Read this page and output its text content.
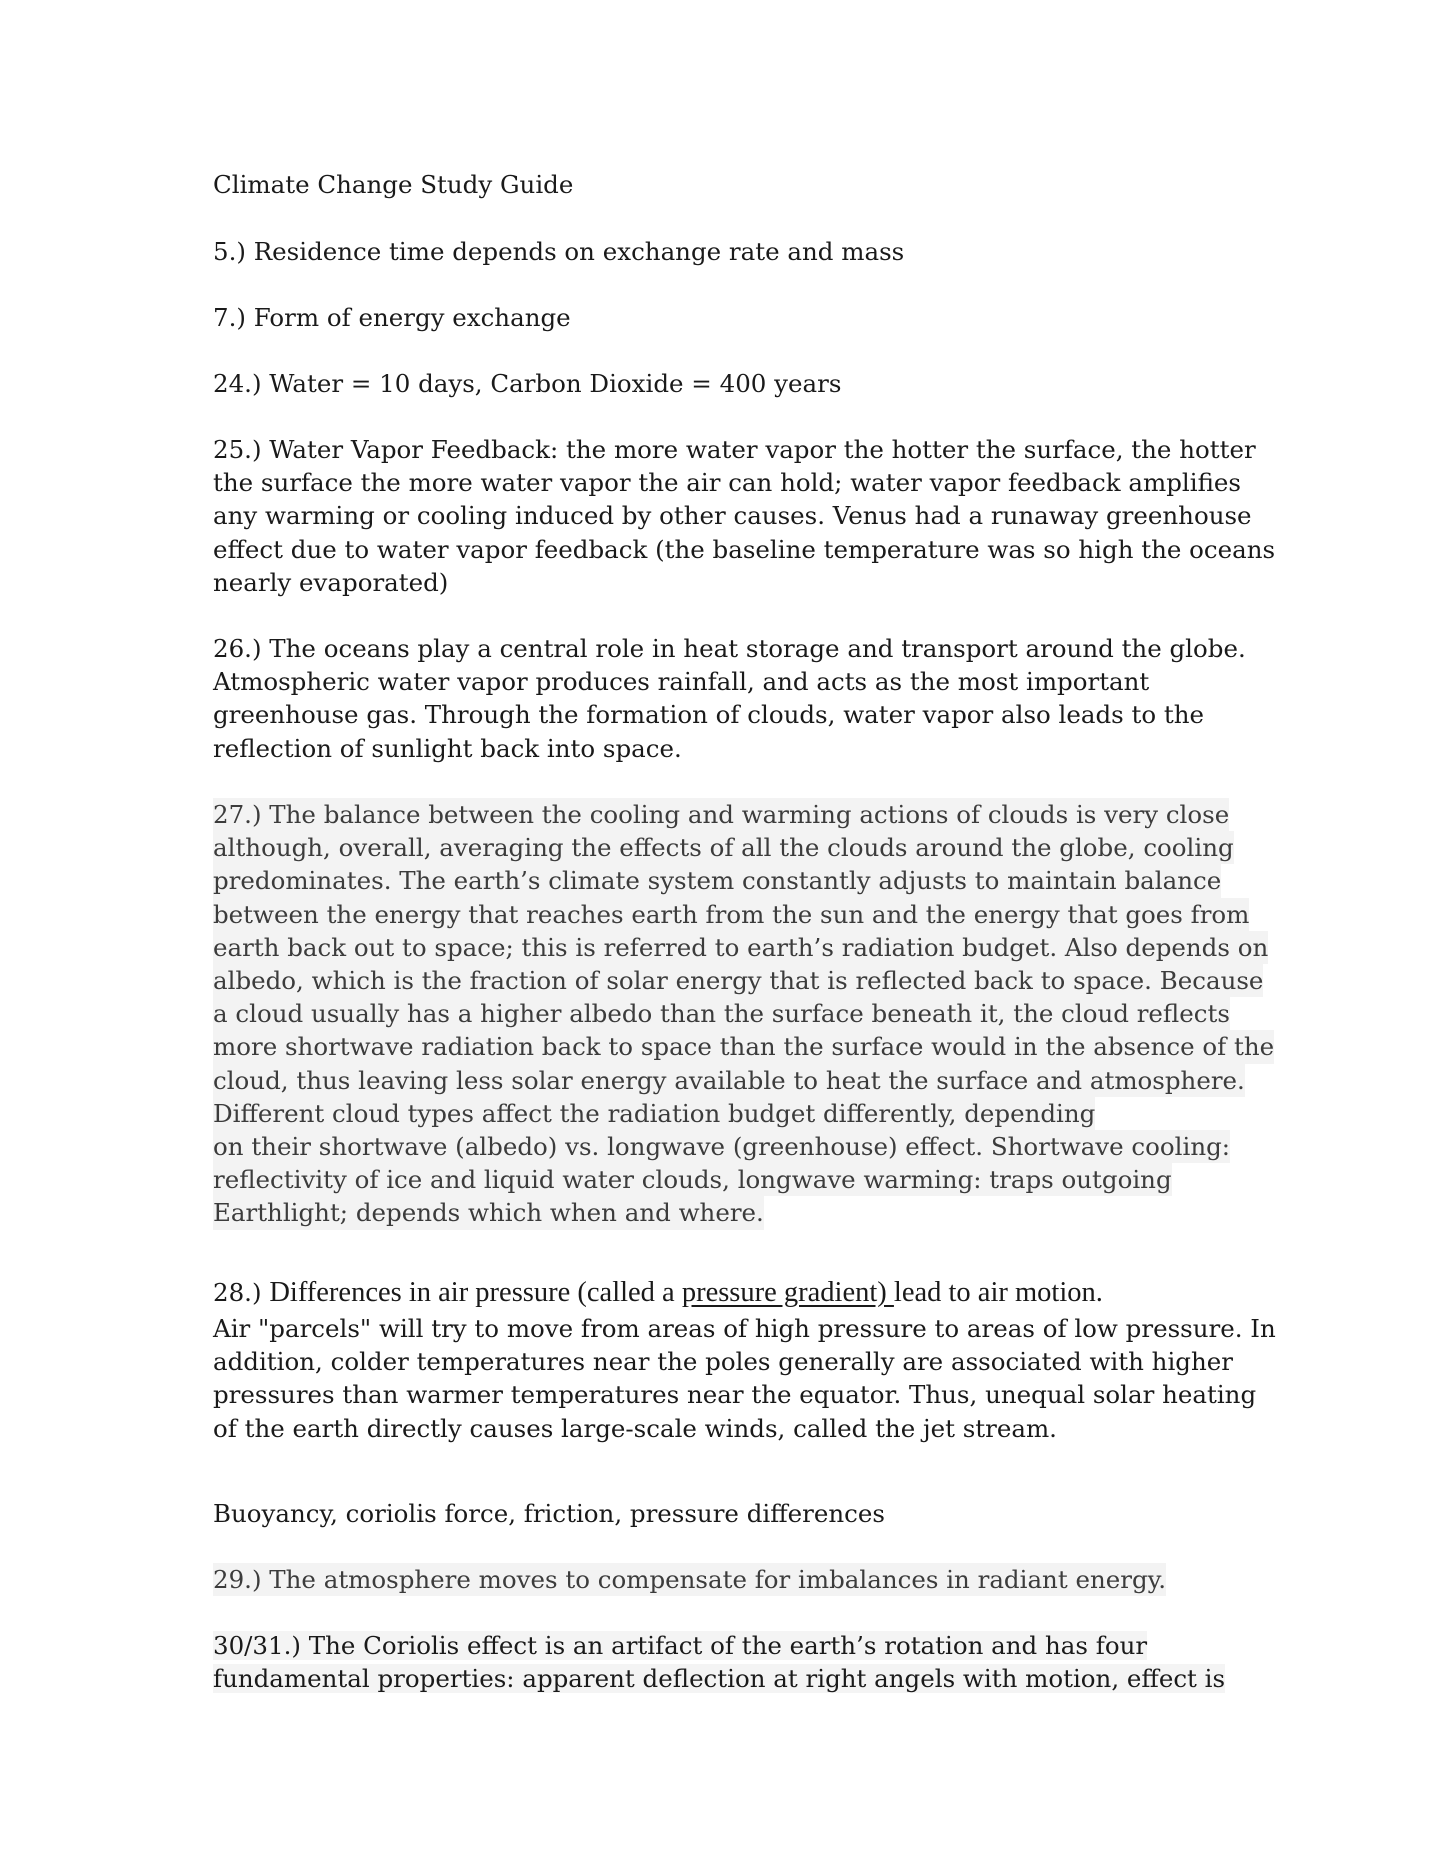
Climate Change Study Guide

5.) Residence time depends on exchange rate and mass

7.) Form of energy exchange

24.) Water = 10 days, Carbon Dioxide = 400 years

25.) Water Vapor Feedback: the more water vapor the hotter the surface, the hotter
the surface the more water vapor the air can hold; water vapor feedback amplifies
any warming or cooling induced by other causes. Venus had a runaway greenhouse
effect due to water vapor feedback (the baseline temperature was so high the oceans
nearly evaporated)
26.) The oceans play a central role in heat storage and transport around the globe.
Atmospheric water vapor produces rainfall, and acts as the most important
greenhouse gas. Through the formation of clouds, water vapor also leads to the
reflection of sunlight back into space.
27.) The balance between the cooling and warming actions of clouds is very close
although, overall, averaging the effects of all the clouds around the globe, cooling
predominates. The earth’s climate system constantly adjusts to maintain balance
between the energy that reaches earth from the sun and the energy that goes from
earth back out to space; this is referred to earth’s radiation budget. Also depends on
albedo, which is the fraction of solar energy that is reflected back to space. Because
a cloud usually has a higher albedo than the surface beneath it, the cloud reflects
more shortwave radiation back to space than the surface would in the absence of the
cloud, thus leaving less solar energy available to heat the surface and atmosphere.
Different cloud types affect the radiation budget differently, depending
on their shortwave (albedo) vs. longwave (greenhouse) effect. Shortwave cooling:
reflectivity of ice and liquid water clouds, longwave warming: traps outgoing
Earthlight; depends which when and where.
28.) Differences in air pressure (called a pressure gradient) lead to air motion.
Air "parcels" will try to move from areas of high pressure to areas of low pressure. In
addition, colder temperatures near the poles generally are associated with higher
pressures than warmer temperatures near the equator. Thus, unequal solar heating
of the earth directly causes large-scale winds, called the jet stream.

Buoyancy, coriolis force, friction, pressure differences

29.) The atmosphere moves to compensate for imbalances in radiant energy.

30/31.) The Coriolis effect is an artifact of the earth’s rotation and has four
fundamental properties: apparent deflection at right angels with motion, effect is
